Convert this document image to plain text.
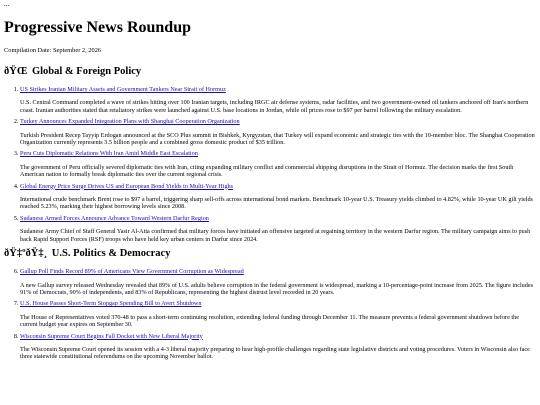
...

Progressive News Roundup

Compilation Date: September 2, 2026

ðŸŒ Global & Foreign Policy
1. US Strikes Iranian Military Assets and Government Tankers Near Strait of Hormuz

U.S. Central Command completed a wave of strikes hitting over 100 Iranian targets, including IRGC air defense systems, radar facilities, and two government-owned oil tankers anchored off Iran's northern coast. Iranian authorities stated that retaliatory strikes were launched against U.S. base locations in Jordan, while oil prices rose to $97 per barrel following the military escalation.

2. Turkey Announces Expanded Integration Plans with Shanghai Cooperation Organization

Turkish President Recep Tayyip Erdogan announced at the SCO Plus summit in Bishkek, Kyrgyzstan, that Turkey will expand economic and strategic ties with the 10-member bloc. The Shanghai Cooperation Organization currently represents 3.5 billion people and a combined gross domestic product of $35 trillion.

3. Peru Cuts Diplomatic Relations With Iran Amid Middle East Escalation

The government of Peru officially severed diplomatic ties with Iran, citing expanding military conflict and commercial shipping disruptions in the Strait of Hormuz. The decision marks the first South American nation to formally break diplomatic ties over the current regional crisis.

4. Global Energy Price Surge Drives US and European Bond Yields to Multi-Year Highs

International crude benchmark Brent rose to $97 a barrel, triggering sharp sell-offs across international bond markets. Benchmark 10-year U.S. Treasury yields climbed to 4.82%, while 10-year UK gilt yields reached 5.23%, marking their highest borrowing levels since 2008.

5. Sudanese Armed Forces Announce Advance Toward Western Darfur Region

Sudanese Army Chief of Staff General Yasir Al-Atta confirmed that military forces have initiated an offensive targeted at regaining territory in the western Darfur region. The military campaign aims to push back Rapid Support Forces (RSF) troops who have held key urban centers in Darfur since 2024.

ðŸ‡ºðŸ‡¸ U.S. Politics & Democracy
6. Gallup Poll Finds Record 89% of Americans View Government Corruption as Widespread

A new Gallup survey released Wednesday revealed that 89% of U.S. adults believe corruption in the federal government is widespread, marking a 10-percentage-point increase from 2025. The figure includes 91% of Democrats, 90% of independents, and 83% of Republicans, representing the highest distrust level recorded in 20 years.

7. U.S. House Passes Short-Term Stopgap Spending Bill to Avert Shutdown

The House of Representatives voted 370-48 to pass a short-term continuing resolution, extending federal funding through December 11. The measure prevents a federal government shutdown before the current budget year expires on September 30.

8. Wisconsin Supreme Court Begins Fall Docket with New Liberal Majority

The Wisconsin Supreme Court opened its session with a 4-3 liberal majority preparing to hear high-profile challenges regarding state legislative districts and voting procedures. Voters in Wisconsin also face three statewide constitutional referendums on the upcoming November ballot.
